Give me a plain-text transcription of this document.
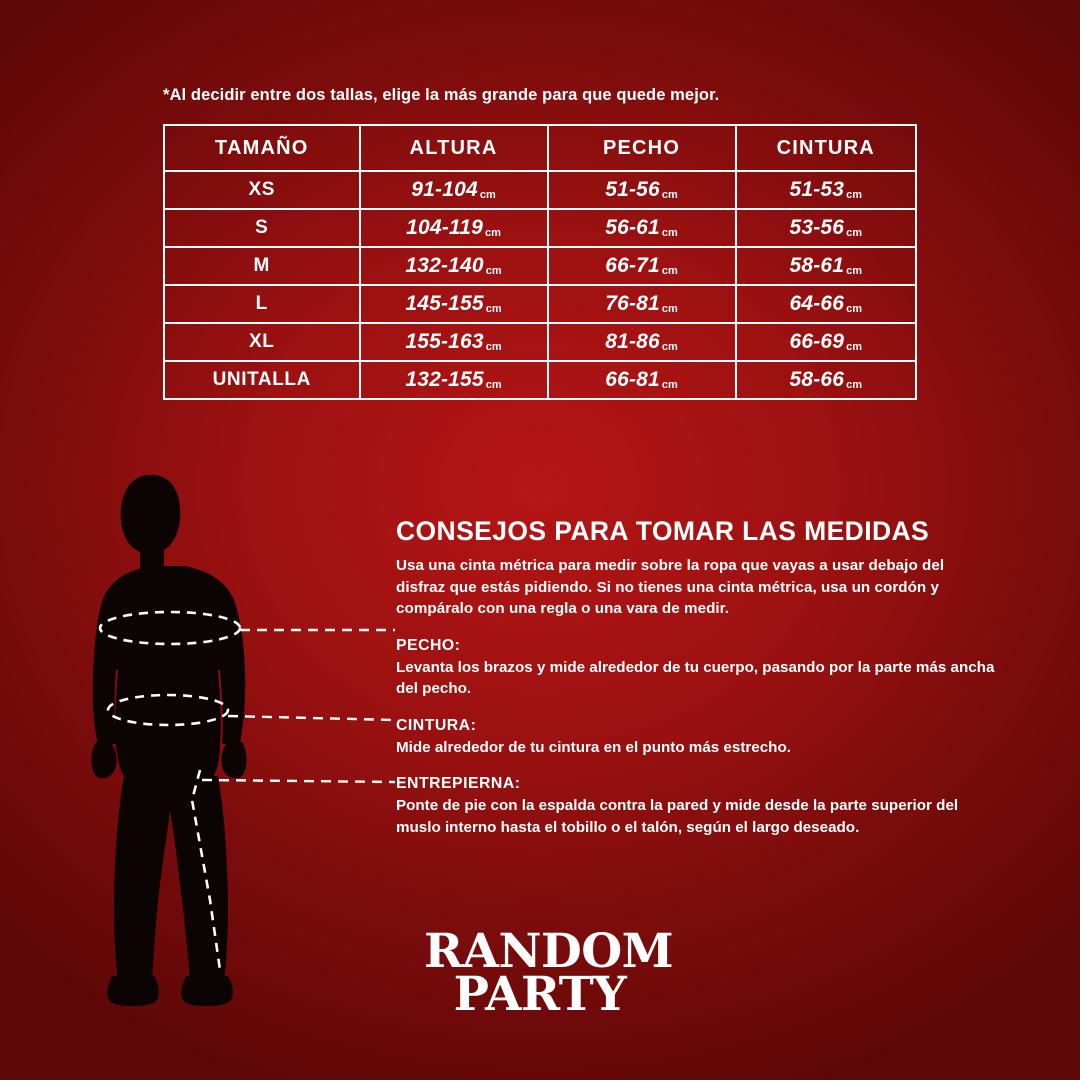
*Al decidir entre dos tallas, elige la más grande para que quede mejor.
TAMAÑO	ALTURA	PECHO	CINTURA
XS	91-104 cm	51-56 cm	51-53 cm
S	104-119 cm	56-61 cm	53-56 cm
M	132-140 cm	66-71 cm	58-61 cm
L	145-155 cm	76-81 cm	64-66 cm
XL	155-163 cm	81-86 cm	66-69 cm
UNITALLA	132-155 cm	66-81 cm	58-66 cm
CONSEJOS PARA TOMAR LAS MEDIDAS

Usa una cinta métrica para medir sobre la ropa que vayas a usar debajo del disfraz que estás pidiendo. Si no tienes una cinta métrica, usa un cordón y compáralo con una regla o una vara de medir.

PECHO:
Levanta los brazos y mide alrededor de tu cuerpo, pasando por la parte más ancha del pecho.
CINTURA:
Mide alrededor de tu cintura en el punto más estrecho.
ENTREPIERNA:
Ponte de pie con la espalda contra la pared y mide desde la parte superior del muslo interno hasta el tobillo o el talón, según el largo deseado.
RANDOM
PARTY
